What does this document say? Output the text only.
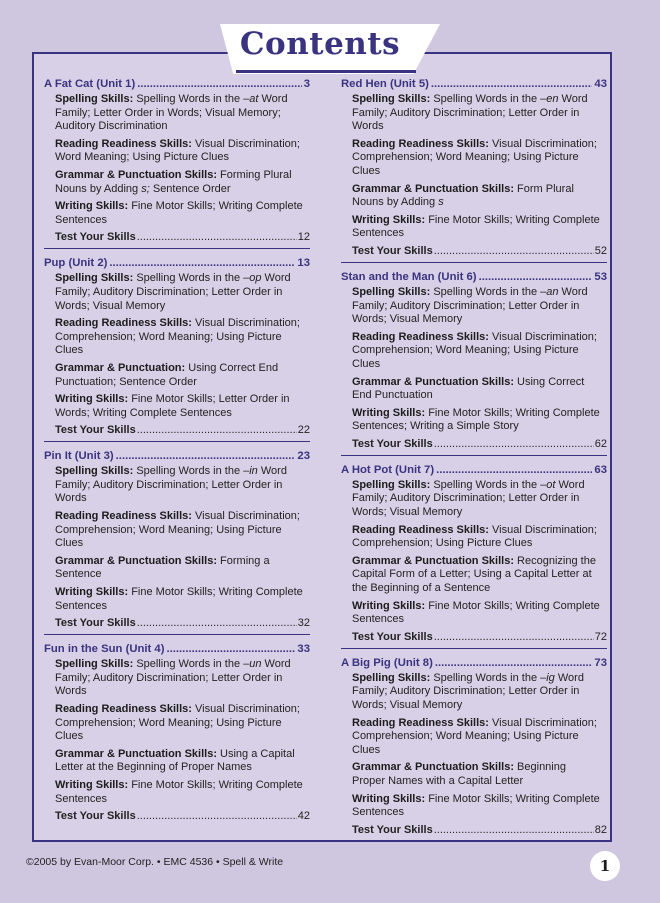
Contents
A Fat Cat (Unit 1) .....	3
Spelling Skills: Spelling Words in the –at Word Family; Letter Order in Words; Visual Memory; Auditory Discrimination
Reading Readiness Skills: Visual Discrimination; Word Meaning; Using Picture Clues
Grammar & Punctuation Skills: Forming Plural Nouns by Adding s; Sentence Order
Writing Skills: Fine Motor Skills; Writing Complete Sentences
Test Your Skills .....	12
Pup (Unit 2) .....	13
Spelling Skills: Spelling Words in the –op Word Family; Auditory Discrimination; Letter Order in Words; Visual Memory
Reading Readiness Skills: Visual Discrimination; Comprehension; Word Meaning; Using Picture Clues
Grammar & Punctuation: Using Correct End Punctuation; Sentence Order
Writing Skills: Fine Motor Skills; Letter Order in Words; Writing Complete Sentences
Test Your Skills .....	22
Pin It (Unit 3) .....	23
Spelling Skills: Spelling Words in the –in Word Family; Auditory Discrimination; Letter Order in Words
Reading Readiness Skills: Visual Discrimination; Comprehension; Word Meaning; Using Picture Clues
Grammar & Punctuation Skills: Forming a Sentence
Writing Skills: Fine Motor Skills; Writing Complete Sentences
Test Your Skills .....	32
Fun in the Sun (Unit 4) .....	33
Spelling Skills: Spelling Words in the –un Word Family; Auditory Discrimination; Letter Order in Words
Reading Readiness Skills: Visual Discrimination; Comprehension; Word Meaning; Using Picture Clues
Grammar & Punctuation Skills: Using a Capital Letter at the Beginning of Proper Names
Writing Skills: Fine Motor Skills; Writing Complete Sentences
Test Your Skills .....	42
Red Hen (Unit 5) .....	43
Spelling Skills: Spelling Words in the –en Word Family; Auditory Discrimination; Letter Order in Words
Reading Readiness Skills: Visual Discrimination; Comprehension; Word Meaning; Using Picture Clues
Grammar & Punctuation Skills: Form Plural Nouns by Adding s
Writing Skills: Fine Motor Skills; Writing Complete Sentences
Test Your Skills .....	52
Stan and the Man (Unit 6) .....	53
Spelling Skills: Spelling Words in the –an Word Family; Auditory Discrimination; Letter Order in Words; Visual Memory
Reading Readiness Skills: Visual Discrimination; Comprehension; Word Meaning; Using Picture Clues
Grammar & Punctuation Skills: Using Correct End Punctuation
Writing Skills: Fine Motor Skills; Writing Complete Sentences; Writing a Simple Story
Test Your Skills .....	62
A Hot Pot (Unit 7) .....	63
Spelling Skills: Spelling Words in the –ot Word Family; Auditory Discrimination; Letter Order in Words; Visual Memory
Reading Readiness Skills: Visual Discrimination; Comprehension; Using Picture Clues
Grammar & Punctuation Skills: Recognizing the Capital Form of a Letter; Using a Capital Letter at the Beginning of a Sentence
Writing Skills: Fine Motor Skills; Writing Complete Sentences
Test Your Skills .....	72
A Big Pig (Unit 8) .....	73
Spelling Skills: Spelling Words in the –ig Word Family; Auditory Discrimination; Letter Order in Words; Visual Memory
Reading Readiness Skills: Visual Discrimination; Comprehension; Word Meaning; Using Picture Clues
Grammar & Punctuation Skills: Beginning Proper Names with a Capital Letter
Writing Skills: Fine Motor Skills; Writing Complete Sentences
Test Your Skills .....	82
©2005 by Evan-Moor Corp. • EMC 4536 • Spell & Write	1
